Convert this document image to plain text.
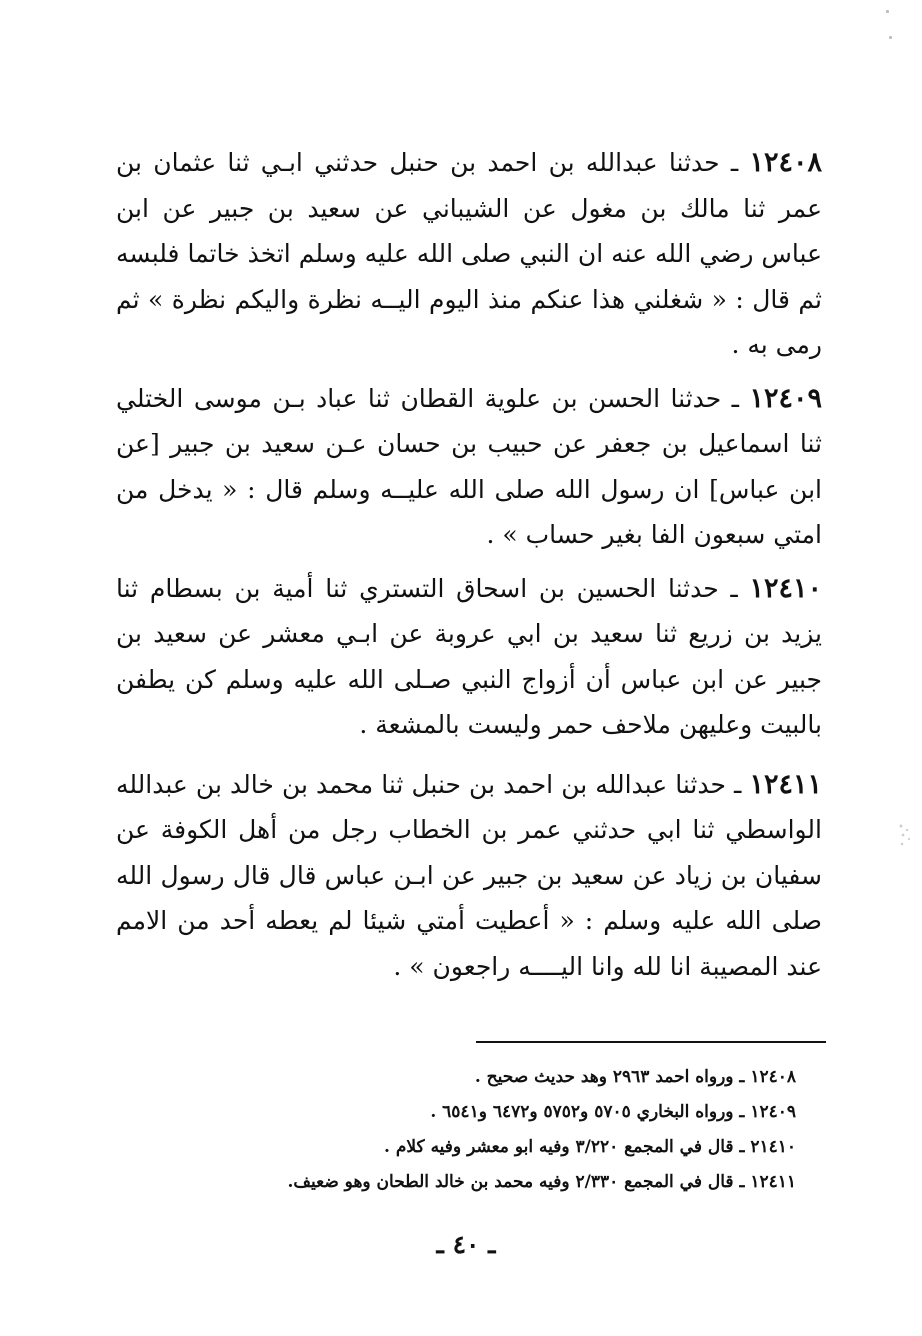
١٢٤٠٨ ـ حدثنا عبدالله بن احمد بن حنبل حدثني ابـي ثنا عثمان بن عمر ثنا مالك بن مغول عن الشيباني عن سعيد بن جبير عن ابن عباس رضي الله عنه ان النبي صلى الله عليه وسلم اتخذ خاتما فلبسه ثم قال : « شغلني هذا عنكم منذ اليوم اليــه نظرة واليكم نظرة » ثم رمى به .

١٢٤٠٩ ـ حدثنا الحسن بن علوية القطان ثنا عباد بـن موسى الختلي ثنا اسماعيل بن جعفر عن حبيب بن حسان عـن سعيد بن جبير [عن ابن عباس] ان رسول الله صلى الله عليــه وسلم قال : « يدخل من امتي سبعون الفا بغير حساب » .

١٢٤١٠ ـ حدثنا الحسين بن اسحاق التستري ثنا أمية بن بسطام ثنا يزيد بن زريع ثنا سعيد بن ابي عروبة عن ابـي معشر عن سعيد بن جبير عن ابن عباس أن أزواج النبي صـلى الله عليه وسلم كن يطفن بالبيت وعليهن ملاحف حمر وليست بالمشعة .

١٢٤١١ ـ حدثنا عبدالله بن احمد بن حنبل ثنا محمد بن خالد بن عبدالله الواسطي ثنا ابي حدثني عمر بن الخطاب رجل من أهل الكوفة عن سفيان بن زياد عن سعيد بن جبير عن ابـن عباس قال قال رسول الله صلى الله عليه وسلم : « أعطيت أمتي شيئا لم يعطه أحد من الامم عند المصيبة انا لله وانا اليــــه راجعون » .

١٢٤٠٨ ـ ورواه احمد ٢٩٦٣ وهد حديث صحيح .
١٢٤٠٩ ـ ورواه البخاري ٥٧٠٥ و٥٧٥٢ و٦٤٧٢ و٦٥٤١ .
٢١٤١٠ ـ قال في المجمع ٣/٢٢٠ وفيه ابو معشر وفيه كلام .
١٢٤١١ ـ قال في المجمع ٢/٣٣٠ وفيه محمد بن خالد الطحان وهو ضعيف.
ـ ٤٠ ـ
